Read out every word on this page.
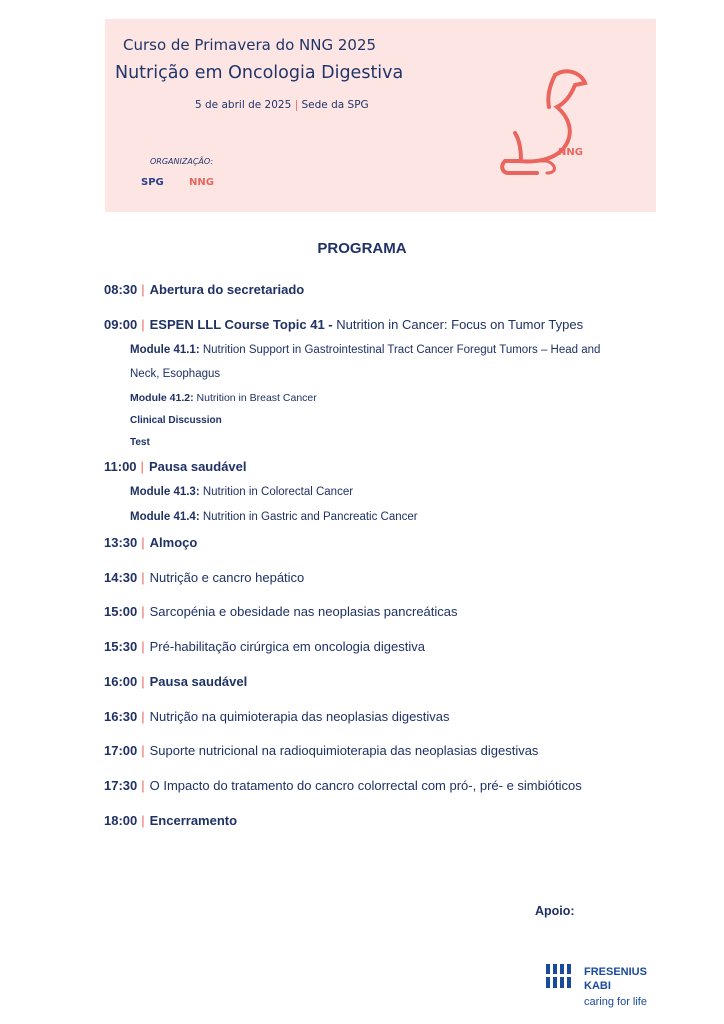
Curso de Primavera do NNG 2025
Nutrição em Oncologia Digestiva
5 de abril de 2025 | Sede da SPG
ORGANIZAÇÃO:
SPG	NNG
NNG
PROGRAMA
08:30 | Abertura do secretariado
09:00 | ESPEN LLL Course Topic 41 - Nutrition in Cancer: Focus on Tumor Types
Module 41.1: Nutrition Support in Gastrointestinal Tract Cancer Foregut Tumors – Head and
Neck, Esophagus
Module 41.2: Nutrition in Breast Cancer
Clinical Discussion
Test
11:00 | Pausa saudável
Module 41.3: Nutrition in Colorectal Cancer
Module 41.4: Nutrition in Gastric and Pancreatic Cancer
13:30 | Almoço
14:30 | Nutrição e cancro hepático
15:00 | Sarcopénia e obesidade nas neoplasias pancreáticas
15:30 | Pré-habilitação cirúrgica em oncologia digestiva
16:00 | Pausa saudável
16:30 | Nutrição na quimioterapia das neoplasias digestivas
17:00 | Suporte nutricional na radioquimioterapia das neoplasias digestivas
17:30 | O Impacto do tratamento do cancro colorrectal com pró-, pré- e simbióticos
18:00 | Encerramento
Apoio:
FRESENIUS
KABI
caring for life
